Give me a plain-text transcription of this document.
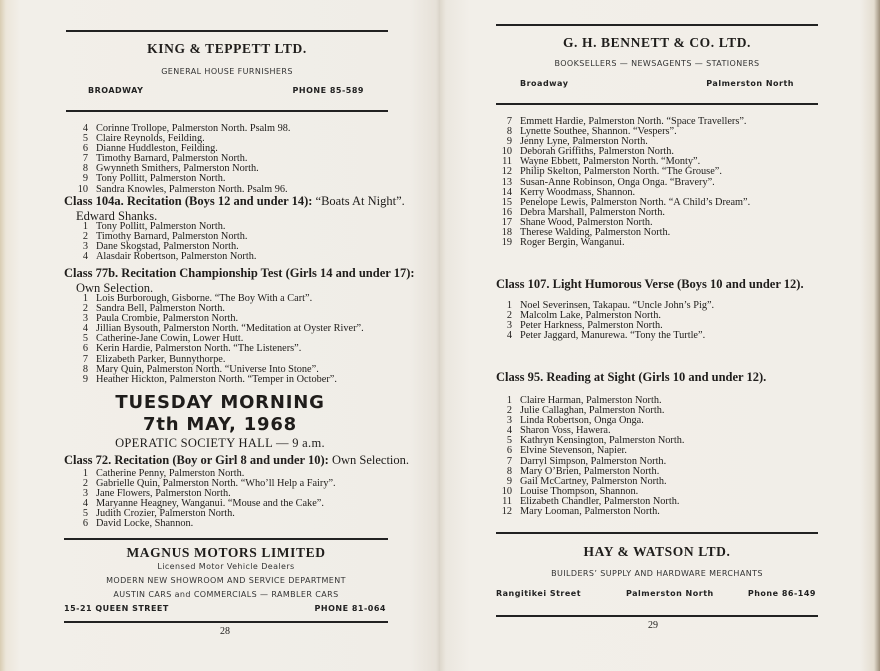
KING & TEPPETT LTD.
GENERAL HOUSE FURNISHERS
BROADWAY	PHONE 85-589
4 Corinne Trollope, Palmerston North. Psalm 98.
5 Claire Reynolds, Feilding.
6 Dianne Huddleston, Feilding.
7 Timothy Barnard, Palmerston North.
8 Gwynneth Smithers, Palmerston North.
9 Tony Pollitt, Palmerston North.
10 Sandra Knowles, Palmerston North. Psalm 96.
Class 104a. Recitation (Boys 12 and under 14): “Boats At Night”.
Edward Shanks.
1 Tony Pollitt, Palmerston North.
2 Timothy Barnard, Palmerston North.
3 Dane Skogstad, Palmerston North.
4 Alasdair Robertson, Palmerston North.
Class 77b. Recitation Championship Test (Girls 14 and under 17):
Own Selection.
1 Lois Burborough, Gisborne. “The Boy With a Cart”.
2 Sandra Bell, Palmerston North.
3 Paula Crombie, Palmerston North.
4 Jillian Bysouth, Palmerston North. “Meditation at Oyster River”.
5 Catherine-Jane Cowin, Lower Hutt.
6 Kerin Hardie, Palmerston North. “The Listeners”.
7 Elizabeth Parker, Bunnythorpe.
8 Mary Quin, Palmerston North. “Universe Into Stone”.
9 Heather Hickton, Palmerston North. “Temper in October”.
TUESDAY MORNING
7th MAY, 1968
OPERATIC SOCIETY HALL — 9 a.m.
Class 72. Recitation (Boy or Girl 8 and under 10): Own Selection.
1 Catherine Penny, Palmerston North.
2 Gabrielle Quin, Palmerston North. “Who’ll Help a Fairy”.
3 Jane Flowers, Palmerston North.
4 Maryanne Heagney, Wanganui. “Mouse and the Cake”.
5 Judith Crozier, Palmerston North.
6 David Locke, Shannon.
MAGNUS MOTORS LIMITED
Licensed Motor Vehicle Dealers
MODERN NEW SHOWROOM AND SERVICE DEPARTMENT
AUSTIN CARS and COMMERCIALS — RAMBLER CARS
15-21 QUEEN STREET	PHONE 81-064
28
G. H. BENNETT & CO. LTD.
BOOKSELLERS — NEWSAGENTS — STATIONERS
Broadway	Palmerston North
7 Emmett Hardie, Palmerston North. “Space Travellers”.
8 Lynette Southee, Shannon. “Vespers”.
9 Jenny Lyne, Palmerston North.
10 Deborah Griffiths, Palmerston North.
11 Wayne Ebbett, Palmerston North. “Monty”.
12 Philip Skelton, Palmerston North. “The Grouse”.
13 Susan-Anne Robinson, Onga Onga. “Bravery”.
14 Kerry Woodmass, Shannon.
15 Penelope Lewis, Palmerston North. “A Child’s Dream”.
16 Debra Marshall, Palmerston North.
17 Shane Wood, Palmerston North.
18 Therese Walding, Palmerston North.
19 Roger Bergin, Wanganui.
Class 107. Light Humorous Verse (Boys 10 and under 12).
1 Noel Severinsen, Takapau. “Uncle John’s Pig”.
2 Malcolm Lake, Palmerston North.
3 Peter Harkness, Palmerston North.
4 Peter Jaggard, Manurewa. “Tony the Turtle”.
Class 95. Reading at Sight (Girls 10 and under 12).
1 Claire Harman, Palmerston North.
2 Julie Callaghan, Palmerston North.
3 Linda Robertson, Onga Onga.
4 Sharon Voss, Hawera.
5 Kathryn Kensington, Palmerston North.
6 Elvine Stevenson, Napier.
7 Darryl Simpson, Palmerston North.
8 Mary O’Brien, Palmerston North.
9 Gail McCartney, Palmerston North.
10 Louise Thompson, Shannon.
11 Elizabeth Chandler, Palmerston North.
12 Mary Looman, Palmerston North.
HAY & WATSON LTD.
BUILDERS’ SUPPLY AND HARDWARE MERCHANTS
Rangitikei Street	Palmerston North	Phone 86-149
29
